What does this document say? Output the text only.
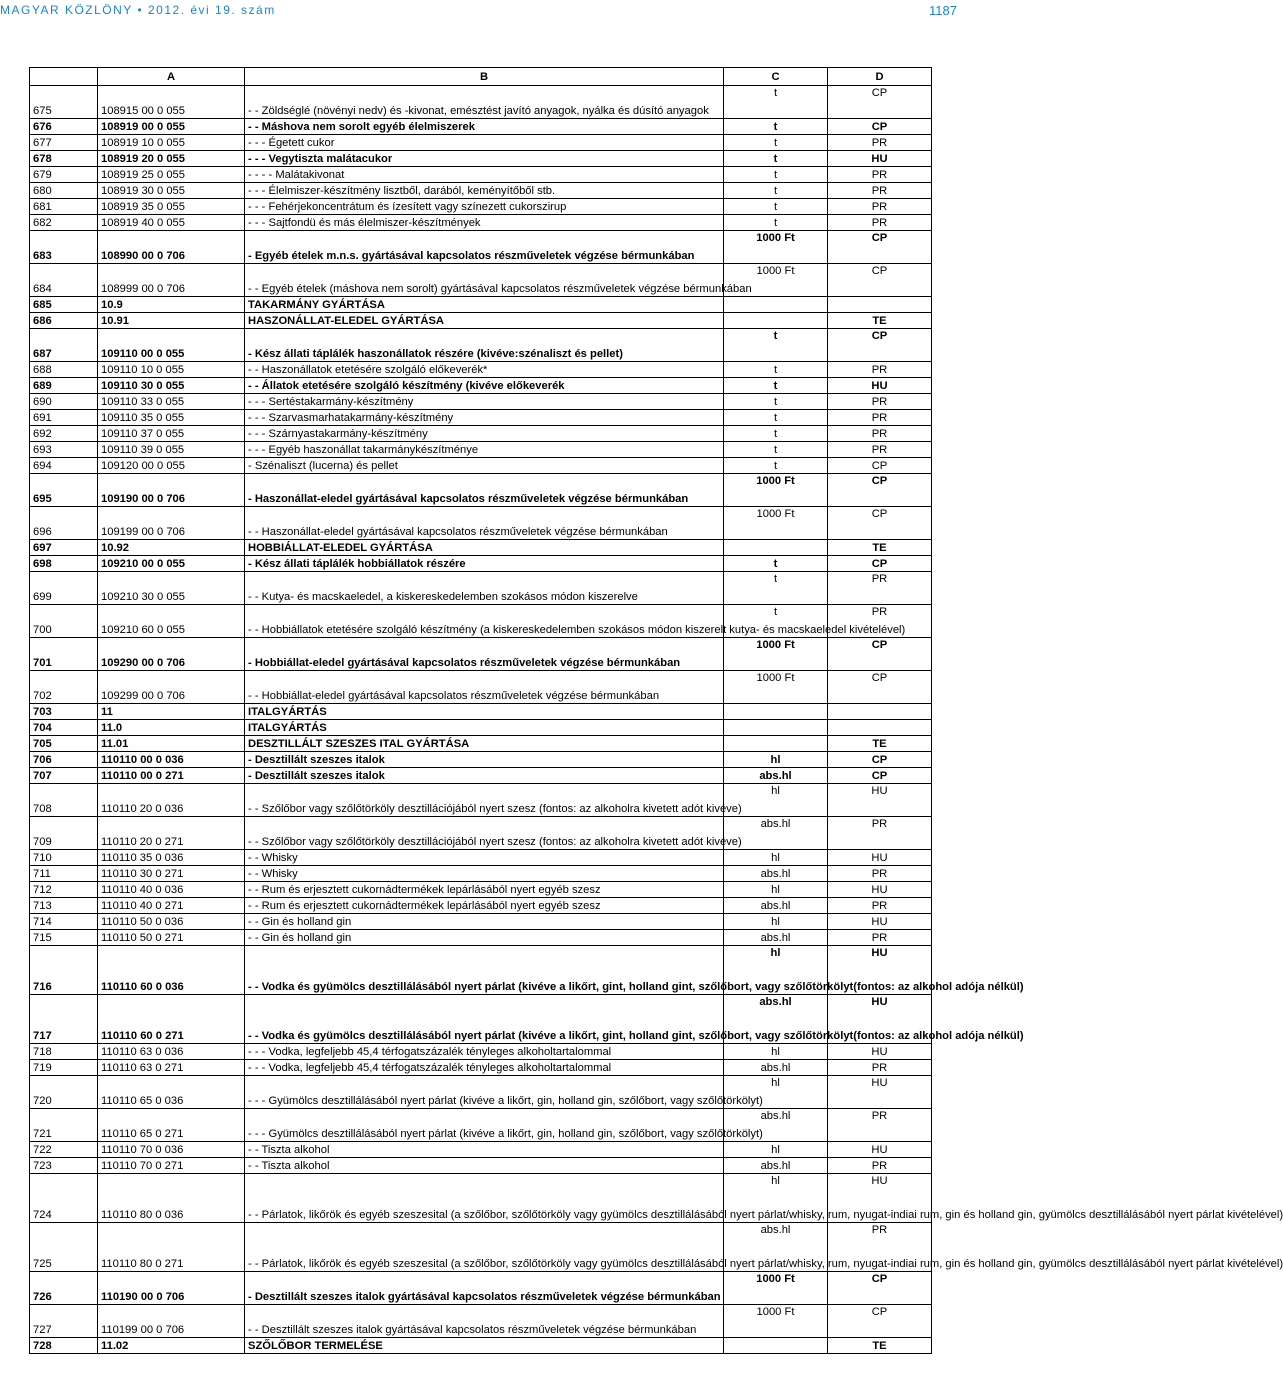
MAGYAR KÖZLÖNY • 2012. évi 19. szám	1187
	A	B	C	D
675	108915 00 0 055	- - Zöldséglé (növényi nedv) és -kivonat, emésztést javító anyagok, nyálka és dúsító anyagok	t	CP
676	108919 00 0 055	- - Máshova nem sorolt egyéb élelmiszerek	t	CP
677	108919 10 0 055	- - - Égetett cukor	t	PR
678	108919 20 0 055	- - - Vegytiszta malátacukor	t	HU
679	108919 25 0 055	- - - - Malátakivonat	t	PR
680	108919 30 0 055	- - - Élelmiszer-készítmény lisztből, darából, keményítőből stb.	t	PR
681	108919 35 0 055	- - - Fehérjekoncentrátum és ízesített vagy színezett cukorszirup	t	PR
682	108919 40 0 055	- - - Sajtfondü és más élelmiszer-készítmények	t	PR
683	108990 00 0 706	- Egyéb ételek m.n.s. gyártásával kapcsolatos részműveletek végzése bérmunkában	1000 Ft	CP
684	108999 00 0 706	- - Egyéb ételek (máshova nem sorolt) gyártásával kapcsolatos részműveletek végzése bérmunkában	1000 Ft	CP
685	10.9	TAKARMÁNY GYÁRTÁSA		
686	10.91	HASZONÁLLAT-ELEDEL GYÁRTÁSA		TE
687	109110 00 0 055	- Kész állati táplálék haszonállatok részére (kivéve:szénaliszt és pellet)	t	CP
688	109110 10 0 055	- - Haszonállatok etetésére szolgáló előkeverék*	t	PR
689	109110 30 0 055	- - Állatok etetésére szolgáló készítmény (kivéve előkeverék	t	HU
690	109110 33 0 055	- - - Sertéstakarmány-készítmény	t	PR
691	109110 35 0 055	- - - Szarvasmarhatakarmány-készítmény	t	PR
692	109110 37 0 055	- - - Szárnyastakarmány-készítmény	t	PR
693	109110 39 0 055	- - - Egyéb haszonállat takarmánykészítménye	t	PR
694	109120 00 0 055	- Szénaliszt (lucerna) és pellet	t	CP
695	109190 00 0 706	- Haszonállat-eledel gyártásával kapcsolatos részműveletek végzése bérmunkában	1000 Ft	CP
696	109199 00 0 706	- - Haszonállat-eledel gyártásával kapcsolatos részműveletek végzése bérmunkában	1000 Ft	CP
697	10.92	HOBBIÁLLAT-ELEDEL GYÁRTÁSA		TE
698	109210 00 0 055	- Kész állati táplálék hobbiállatok részére	t	CP
699	109210 30 0 055	- - Kutya- és macskaeledel, a kiskereskedelemben szokásos módon kiszerelve	t	PR
700	109210 60 0 055	- - Hobbiállatok etetésére szolgáló készítmény (a kiskereskedelemben szokásos módon kiszerelt kutya- és macskaeledel kivételével)	t	PR
701	109290 00 0 706	- Hobbiállat-eledel gyártásával kapcsolatos részműveletek végzése bérmunkában	1000 Ft	CP
702	109299 00 0 706	- - Hobbiállat-eledel gyártásával kapcsolatos részműveletek végzése bérmunkában	1000 Ft	CP
703	11	ITALGYÁRTÁS		
704	11.0	ITALGYÁRTÁS		
705	11.01	DESZTILLÁLT SZESZES ITAL GYÁRTÁSA		TE
706	110110 00 0 036	- Desztillált szeszes italok	hl	CP
707	110110 00 0 271	- Desztillált szeszes italok	abs.hl	CP
708	110110 20 0 036	- - Szőlőbor vagy szőlőtörköly desztillációjából nyert szesz (fontos: az alkoholra kivetett adót kivéve)	hl	HU
709	110110 20 0 271	- - Szőlőbor vagy szőlőtörköly desztillációjából nyert szesz (fontos: az alkoholra kivetett adót kivéve)	abs.hl	PR
710	110110 35 0 036	- - Whisky	hl	HU
711	110110 30 0 271	- - Whisky	abs.hl	PR
712	110110 40 0 036	- - Rum és erjesztett cukornádtermékek lepárlásából nyert egyéb szesz	hl	HU
713	110110 40 0 271	- - Rum és erjesztett cukornádtermékek lepárlásából nyert egyéb szesz	abs.hl	PR
714	110110 50 0 036	- - Gin és holland gin	hl	HU
715	110110 50 0 271	- - Gin és holland gin	abs.hl	PR
716	110110 60 0 036	- - Vodka és gyümölcs desztillálásából nyert párlat (kivéve a likőrt, gint, holland gint, szőlőbort, vagy szőlőtörkölyt(fontos: az alkohol adója nélkül)	hl	HU
717	110110 60 0 271	- - Vodka és gyümölcs desztillálásából nyert párlat (kivéve a likőrt, gint, holland gint, szőlőbort, vagy szőlőtörkölyt(fontos: az alkohol adója nélkül)	abs.hl	HU
718	110110 63 0 036	- - - Vodka, legfeljebb 45,4 térfogatszázalék tényleges alkoholtartalommal	hl	HU
719	110110 63 0 271	- - - Vodka, legfeljebb 45,4 térfogatszázalék tényleges alkoholtartalommal	abs.hl	PR
720	110110 65 0 036	- - - Gyümölcs desztillálásából nyert párlat (kivéve a likőrt, gin, holland gin, szőlőbort, vagy szőlőtörkölyt)	hl	HU
721	110110 65 0 271	- - - Gyümölcs desztillálásából nyert párlat (kivéve a likőrt, gin, holland gin, szőlőbort, vagy szőlőtörkölyt)	abs.hl	PR
722	110110 70 0 036	- - Tiszta alkohol	hl	HU
723	110110 70 0 271	- - Tiszta alkohol	abs.hl	PR
724	110110 80 0 036	- - Párlatok, likőrök és egyéb szeszesital (a szőlőbor, szőlőtörköly vagy gyümölcs desztillálásából nyert párlat/whisky, rum, nyugat-indiai rum, gin és holland gin, gyümölcs desztillálásából nyert párlat kivételével)	hl	HU
725	110110 80 0 271	- - Párlatok, likőrök és egyéb szeszesital (a szőlőbor, szőlőtörköly vagy gyümölcs desztillálásából nyert párlat/whisky, rum, nyugat-indiai rum, gin és holland gin, gyümölcs desztillálásából nyert párlat kivételével)	abs.hl	PR
726	110190 00 0 706	- Desztillált szeszes italok gyártásával kapcsolatos részműveletek végzése bérmunkában	1000 Ft	CP
727	110199 00 0 706	- - Desztillált szeszes italok gyártásával kapcsolatos részműveletek végzése bérmunkában	1000 Ft	CP
728	11.02	SZŐLŐBOR TERMELÉSE		TE
